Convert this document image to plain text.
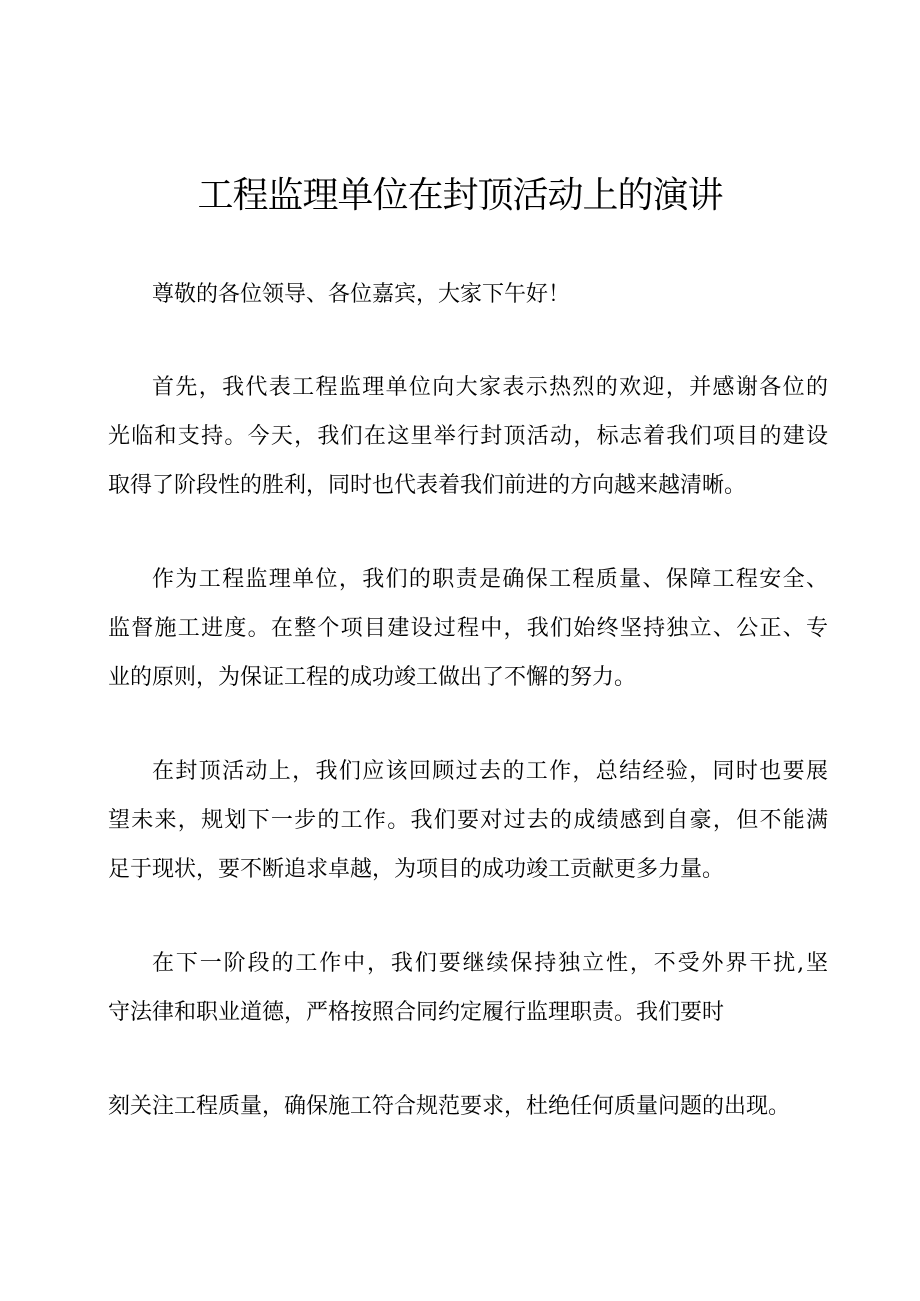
工程监理单位在封顶活动上的演讲

尊敬的各位领导、各位嘉宾，大家下午好！

首先，我代表工程监理单位向大家表示热烈的欢迎，并感谢各位的

光临和支持。今天，我们在这里举行封顶活动，标志着我们项目的建设

取得了阶段性的胜利，同时也代表着我们前进的方向越来越清晰。

作为工程监理单位，我们的职责是确保工程质量、保障工程安全、

监督施工进度。在整个项目建设过程中，我们始终坚持独立、公正、专

业的原则，为保证工程的成功竣工做出了不懈的努力。

在封顶活动上，我们应该回顾过去的工作，总结经验，同时也要展

望未来，规划下一步的工作。我们要对过去的成绩感到自豪，但不能满

足于现状，要不断追求卓越，为项目的成功竣工贡献更多力量。

在下一阶段的工作中，我们要继续保持独立性，不受外界干扰,坚

守法律和职业道德，严格按照合同约定履行监理职责。我们要时

刻关注工程质量，确保施工符合规范要求，杜绝任何质量问题的出现。
